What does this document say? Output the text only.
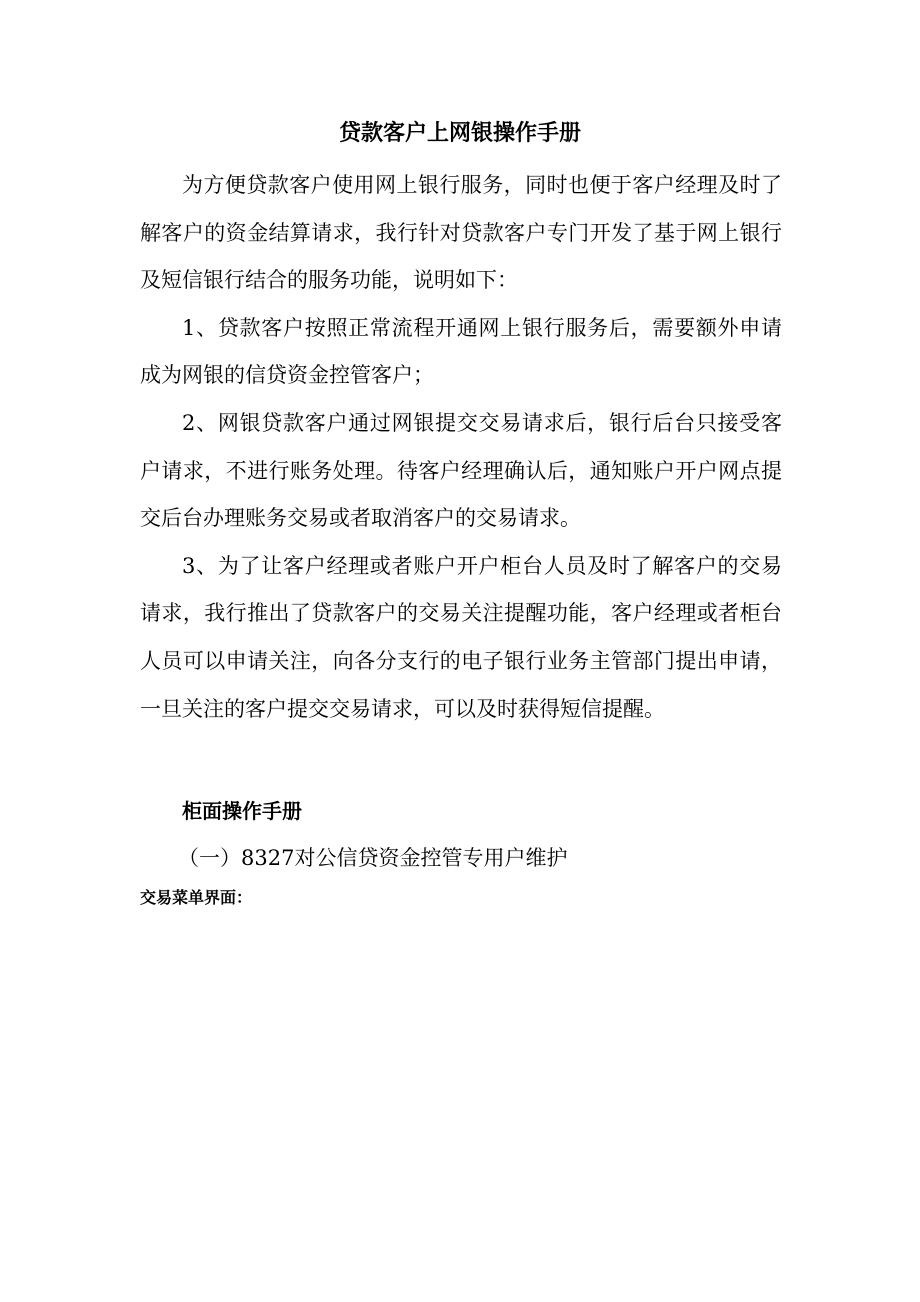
贷款客户上网银操作手册
为方便贷款客户使用网上银行服务，同时也便于客户经理及时了
解客户的资金结算请求，我行针对贷款客户专门开发了基于网上银行
及短信银行结合的服务功能，说明如下：
1、贷款客户按照正常流程开通网上银行服务后，需要额外申请
成为网银的信贷资金控管客户；
2、网银贷款客户通过网银提交交易请求后，银行后台只接受客
户请求，不进行账务处理。待客户经理确认后，通知账户开户网点提
交后台办理账务交易或者取消客户的交易请求。
3、为了让客户经理或者账户开户柜台人员及时了解客户的交易
请求，我行推出了贷款客户的交易关注提醒功能，客户经理或者柜台
人员可以申请关注，向各分支行的电子银行业务主管部门提出申请，
一旦关注的客户提交交易请求，可以及时获得短信提醒。
柜面操作手册
（一）8327对公信贷资金控管专用户维护
交易菜单界面：
